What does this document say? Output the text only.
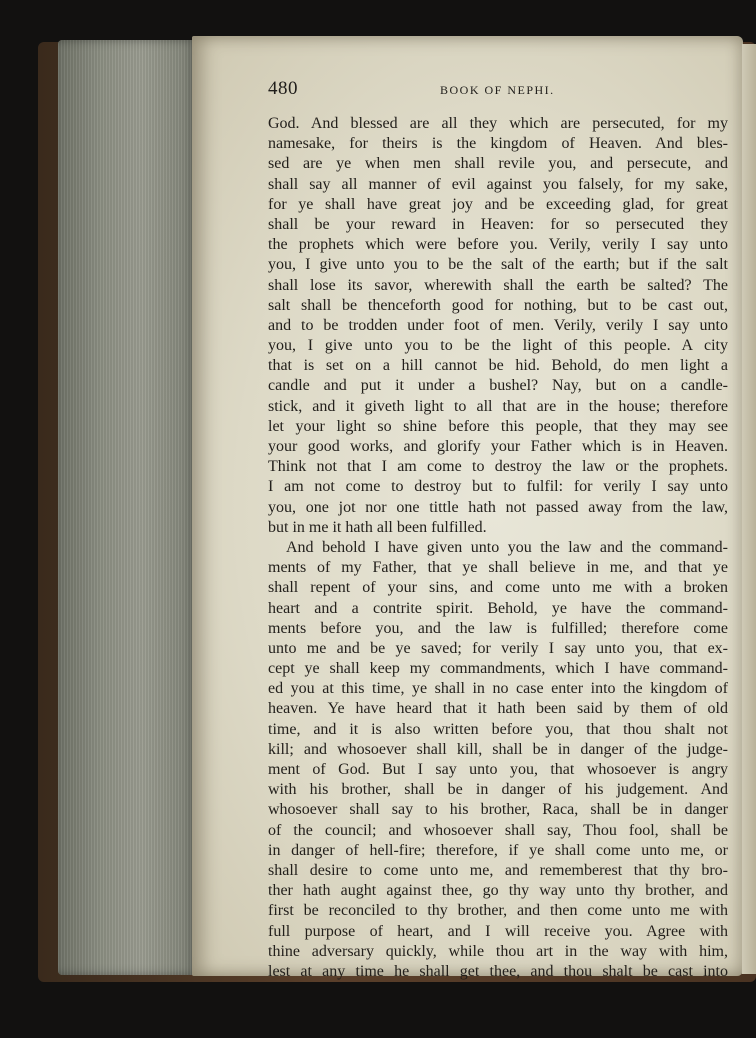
480	BOOK OF NEPHI.
God. And blessed are all they which are persecuted, for my
namesake, for theirs is the kingdom of Heaven. And bles-
sed are ye when men shall revile you, and persecute, and
shall say all manner of evil against you falsely, for my sake,
for ye shall have great joy and be exceeding glad, for great
shall be your reward in Heaven: for so persecuted they
the prophets which were before you. Verily, verily I say unto
you, I give unto you to be the salt of the earth; but if the salt
shall lose its savor, wherewith shall the earth be salted? The
salt shall be thenceforth good for nothing, but to be cast out,
and to be trodden under foot of men. Verily, verily I say unto
you, I give unto you to be the light of this people. A city
that is set on a hill cannot be hid. Behold, do men light a
candle and put it under a bushel? Nay, but on a candle-
stick, and it giveth light to all that are in the house; therefore
let your light so shine before this people, that they may see
your good works, and glorify your Father which is in Heaven.
Think not that I am come to destroy the law or the prophets.
I am not come to destroy but to fulfil: for verily I say unto
you, one jot nor one tittle hath not passed away from the law,
but in me it hath all been fulfilled.
And behold I have given unto you the law and the command-
ments of my Father, that ye shall believe in me, and that ye
shall repent of your sins, and come unto me with a broken
heart and a contrite spirit. Behold, ye have the command-
ments before you, and the law is fulfilled; therefore come
unto me and be ye saved; for verily I say unto you, that ex-
cept ye shall keep my commandments, which I have command-
ed you at this time, ye shall in no case enter into the kingdom of
heaven. Ye have heard that it hath been said by them of old
time, and it is also written before you, that thou shalt not
kill; and whosoever shall kill, shall be in danger of the judge-
ment of God. But I say unto you, that whosoever is angry
with his brother, shall be in danger of his judgement. And
whosoever shall say to his brother, Raca, shall be in danger
of the council; and whosoever shall say, Thou fool, shall be
in danger of hell-fire; therefore, if ye shall come unto me, or
shall desire to come unto me, and rememberest that thy bro-
ther hath aught against thee, go thy way unto thy brother, and
first be reconciled to thy brother, and then come unto me with
full purpose of heart, and I will receive you. Agree with
thine adversary quickly, while thou art in the way with him,
lest at any time he shall get thee, and thou shalt be cast into
